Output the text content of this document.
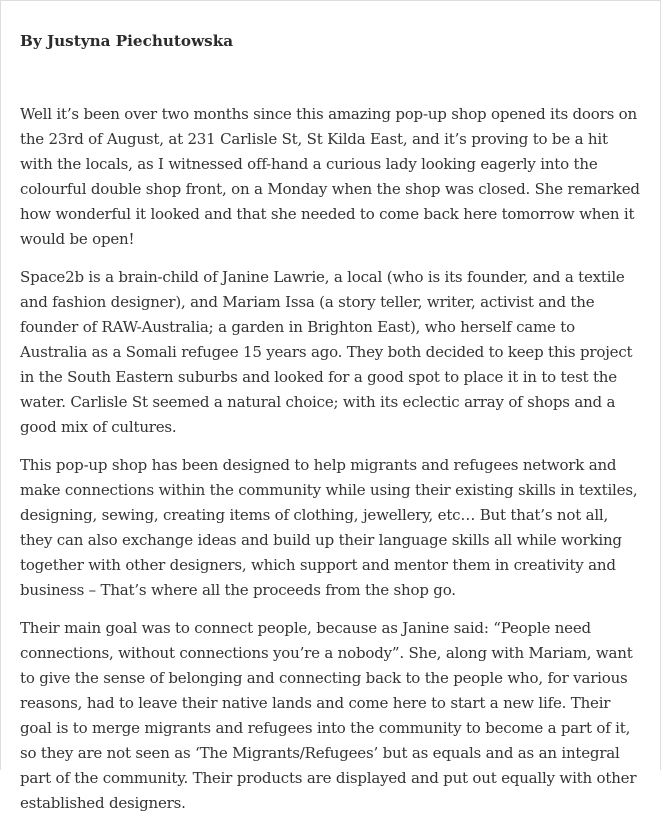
By Justyna Piechutowska

Well it’s been over two months since this amazing pop-up shop opened its doors on the 23rd of August, at 231 Carlisle St, St Kilda East, and it’s proving to be a hit with the locals, as I witnessed off-hand a curious lady looking eagerly into the colourful double shop front, on a Monday when the shop was closed. She remarked how wonderful it looked and that she needed to come back here tomorrow when it would be open!

Space2b is a brain-child of Janine Lawrie, a local (who is its founder, and a textile and fashion designer), and Mariam Issa (a story teller, writer, activist and the founder of RAW-Australia; a garden in Brighton East), who herself came to Australia as a Somali refugee 15 years ago. They both decided to keep this project in the South Eastern suburbs and looked for a good spot to place it in to test the water. Carlisle St seemed a natural choice; with its eclectic array of shops and a good mix of cultures.

This pop-up shop has been designed to help migrants and refugees network and make connections within the community while using their existing skills in textiles, designing, sewing, creating items of clothing, jewellery, etc… But that’s not all, they can also exchange ideas and build up their language skills all while working together with other designers, which support and mentor them in creativity and business – That’s where all the proceeds from the shop go.

Their main goal was to connect people, because as Janine said: “People need connections, without connections you’re a nobody”. She, along with Mariam, want to give the sense of belonging and connecting back to the people who, for various reasons, had to leave their native lands and come here to start a new life. Their goal is to merge migrants and refugees into the community to become a part of it, so they are not seen as ‘The Migrants/Refugees’ but as equals and as an integral part of the community. Their products are displayed and put out equally with other established designers.
